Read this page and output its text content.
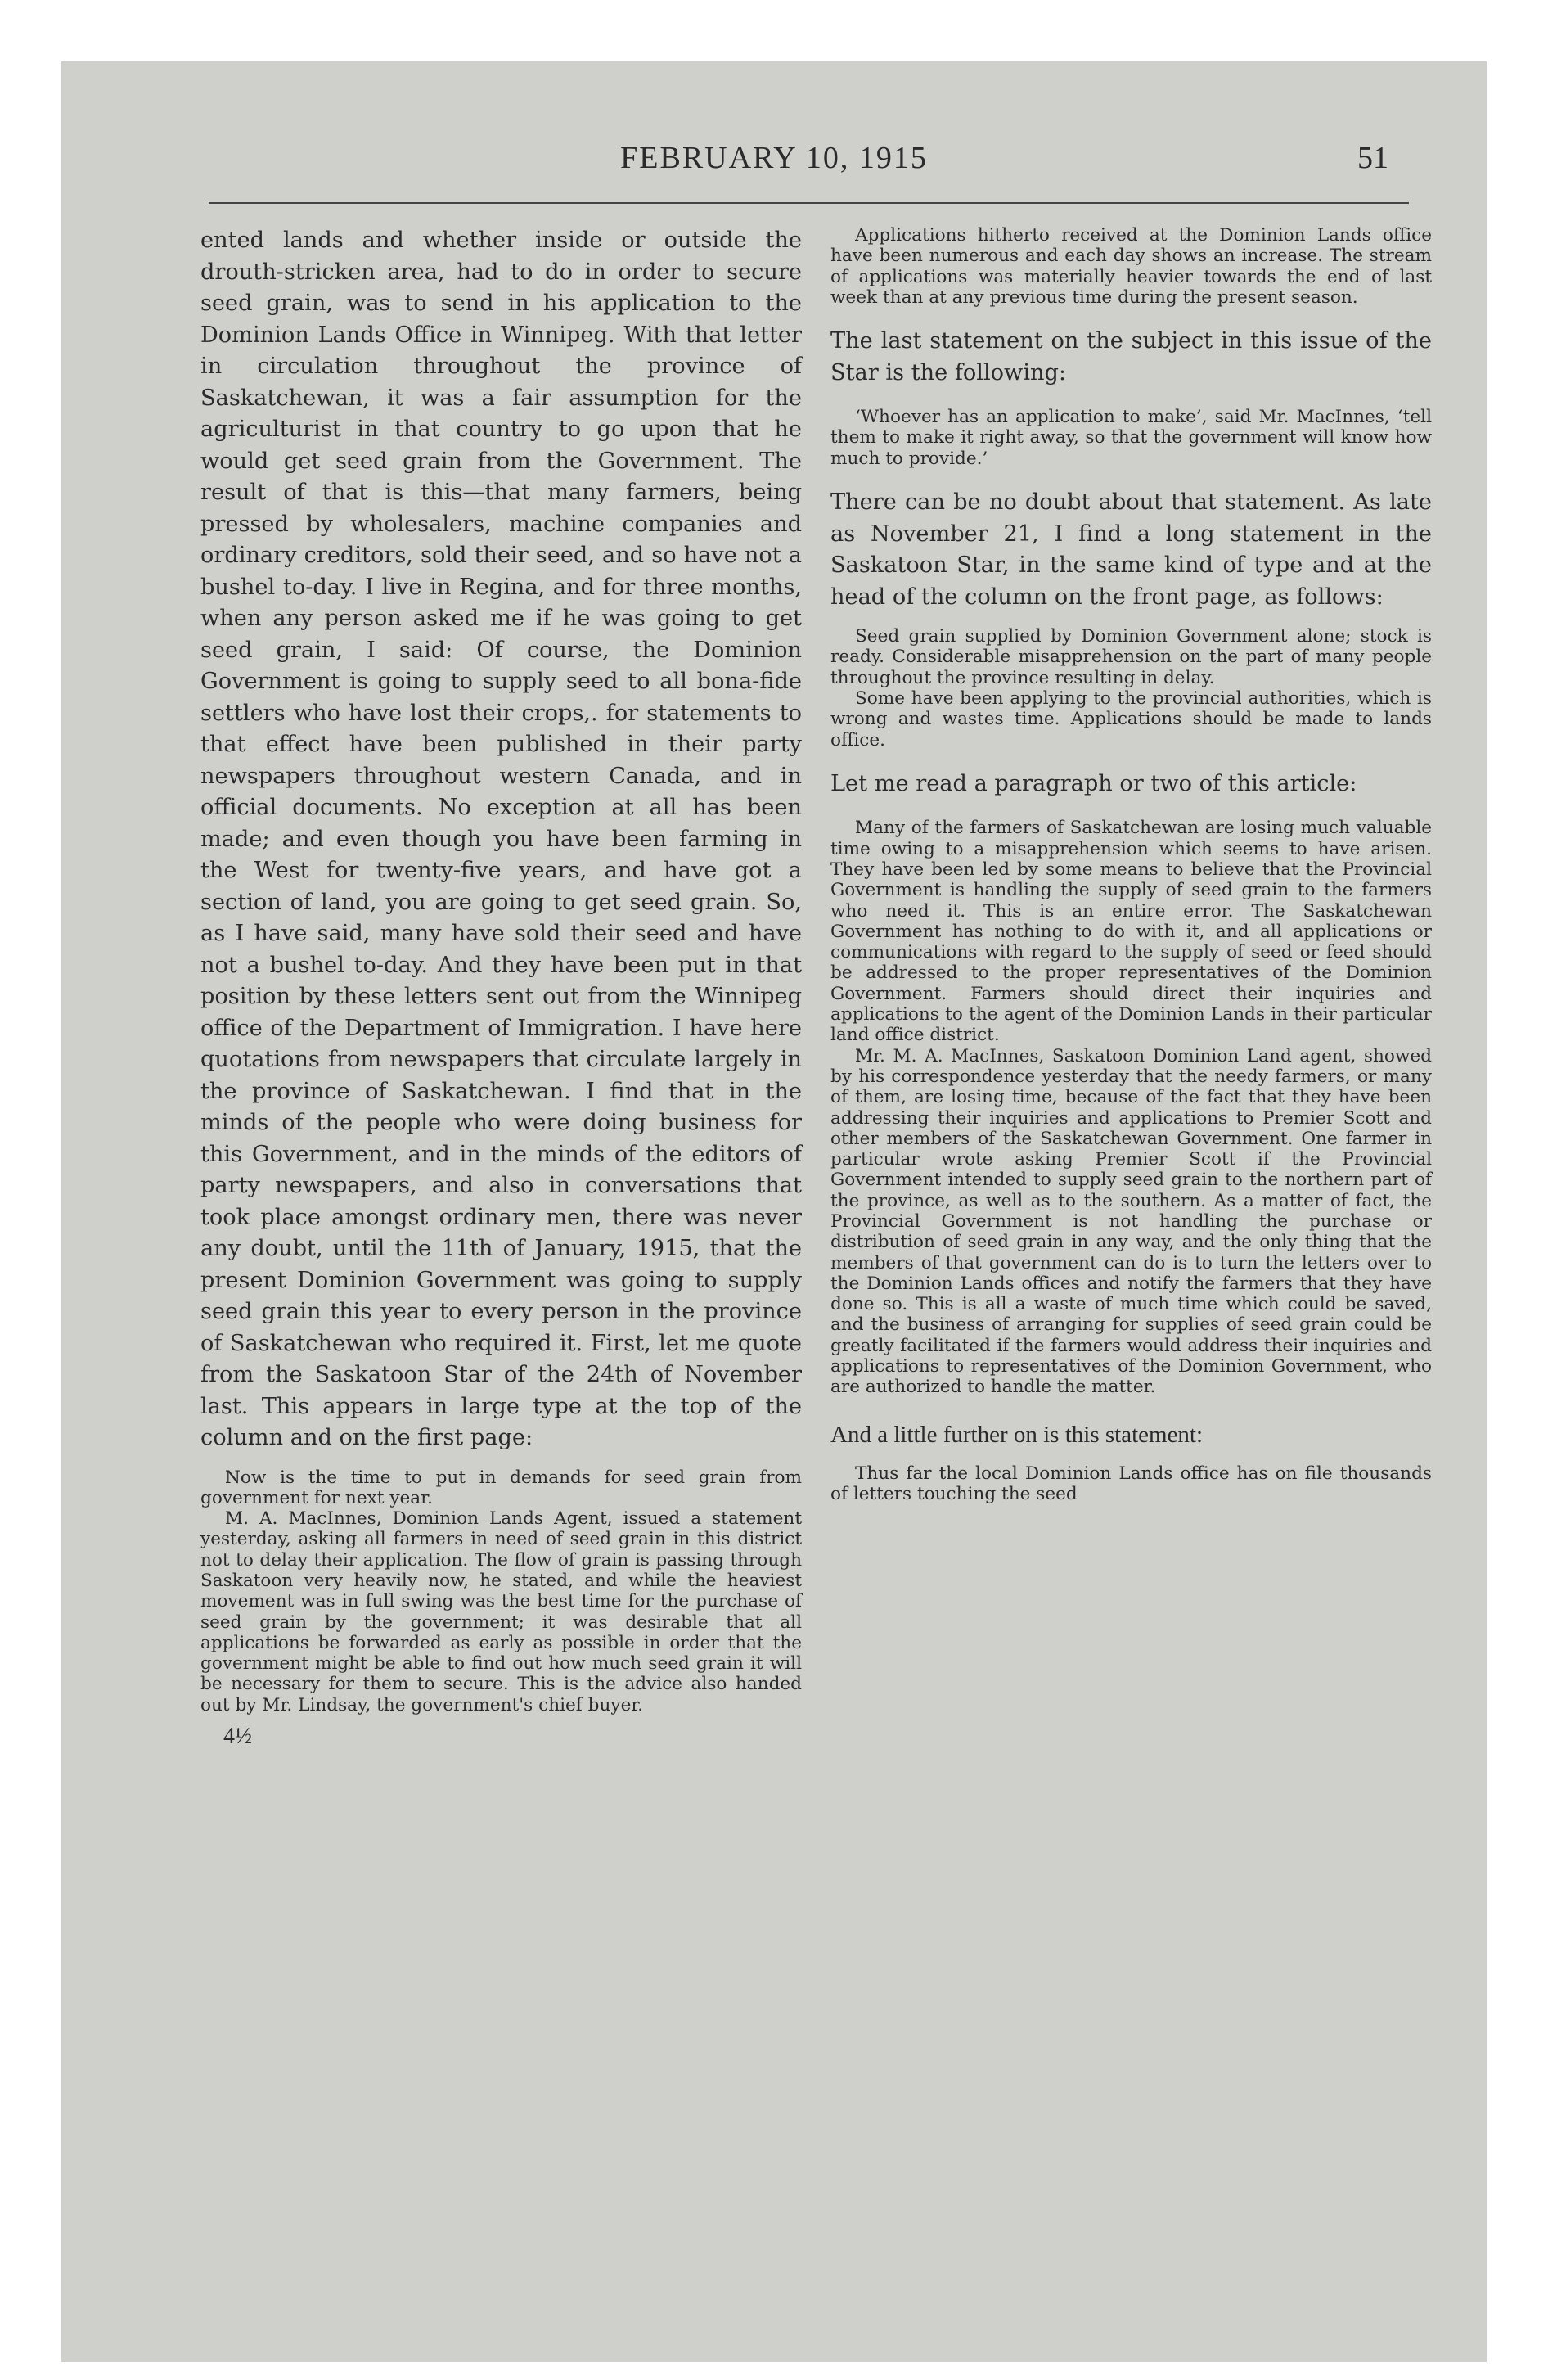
FEBRUARY 10, 1915	51

ented lands and whether inside or outside the drouth-stricken area, had to do in order to secure seed grain, was to send in his application to the Dominion Lands Office in Winnipeg. With that letter in circulation throughout the province of Saskatchewan, it was a fair assumption for the agriculturist in that country to go upon that he would get seed grain from the Government. The result of that is this—that many farmers, being pressed by wholesalers, machine companies and ordinary creditors, sold their seed, and so have not a bushel to-day. I live in Regina, and for three months, when any person asked me if he was going to get seed grain, I said: Of course, the Dominion Government is going to supply seed to all bona-fide settlers who have lost their crops,. for statements to that effect have been published in their party newspapers throughout western Canada, and in official documents. No exception at all has been made; and even though you have been farming in the West for twenty-five years, and have got a section of land, you are going to get seed grain. So, as I have said, many have sold their seed and have not a bushel to-day. And they have been put in that position by these letters sent out from the Winnipeg office of the Department of Immigration. I have here quotations from newspapers that circulate largely in the province of Saskatchewan. I find that in the minds of the people who were doing business for this Government, and in the minds of the editors of party newspapers, and also in conversations that took place amongst ordinary men, there was never any doubt, until the 11th of January, 1915, that the present Dominion Government was going to supply seed grain this year to every person in the province of Saskatchewan who required it. First, let me quote from the Saskatoon Star of the 24th of November last. This appears in large type at the top of the column and on the first page:

Now is the time to put in demands for seed grain from government for next year.

M. A. MacInnes, Dominion Lands Agent, issued a statement yesterday, asking all farmers in need of seed grain in this district not to delay their application. The flow of grain is passing through Saskatoon very heavily now, he stated, and while the heaviest movement was in full swing was the best time for the purchase of seed grain by the government; it was desirable that all applications be forwarded as early as possible in order that the government might be able to find out how much seed grain it will be necessary for them to secure. This is the advice also handed out by Mr. Lindsay, the government's chief buyer.

4½

Applications hitherto received at the Dominion Lands office have been numerous and each day shows an increase. The stream of applications was materially heavier towards the end of last week than at any previous time during the present season.

The last statement on the subject in this issue of the Star is the following:

‘Whoever has an application to make’, said Mr. MacInnes, ‘tell them to make it right away, so that the government will know how much to provide.’

There can be no doubt about that statement. As late as November 21, I find a long statement in the Saskatoon Star, in the same kind of type and at the head of the column on the front page, as follows:

Seed grain supplied by Dominion Government alone; stock is ready. Considerable misapprehension on the part of many people throughout the province resulting in delay.

Some have been applying to the provincial authorities, which is wrong and wastes time. Applications should be made to lands office.

Let me read a paragraph or two of this article:

Many of the farmers of Saskatchewan are losing much valuable time owing to a misapprehension which seems to have arisen. They have been led by some means to believe that the Provincial Government is handling the supply of seed grain to the farmers who need it. This is an entire error. The Saskatchewan Government has nothing to do with it, and all applications or communications with regard to the supply of seed or feed should be addressed to the proper representatives of the Dominion Government. Farmers should direct their inquiries and applications to the agent of the Dominion Lands in their particular land office district.

Mr. M. A. MacInnes, Saskatoon Dominion Land agent, showed by his correspondence yesterday that the needy farmers, or many of them, are losing time, because of the fact that they have been addressing their inquiries and applications to Premier Scott and other members of the Saskatchewan Government. One farmer in particular wrote asking Premier Scott if the Provincial Government intended to supply seed grain to the northern part of the province, as well as to the southern. As a matter of fact, the Provincial Government is not handling the purchase or distribution of seed grain in any way, and the only thing that the members of that government can do is to turn the letters over to the Dominion Lands offices and notify the farmers that they have done so. This is all a waste of much time which could be saved, and the business of arranging for supplies of seed grain could be greatly facilitated if the farmers would address their inquiries and applications to representatives of the Dominion Government, who are authorized to handle the matter.

And a little further on is this statement:

Thus far the local Dominion Lands office has on file thousands of letters touching the seed
